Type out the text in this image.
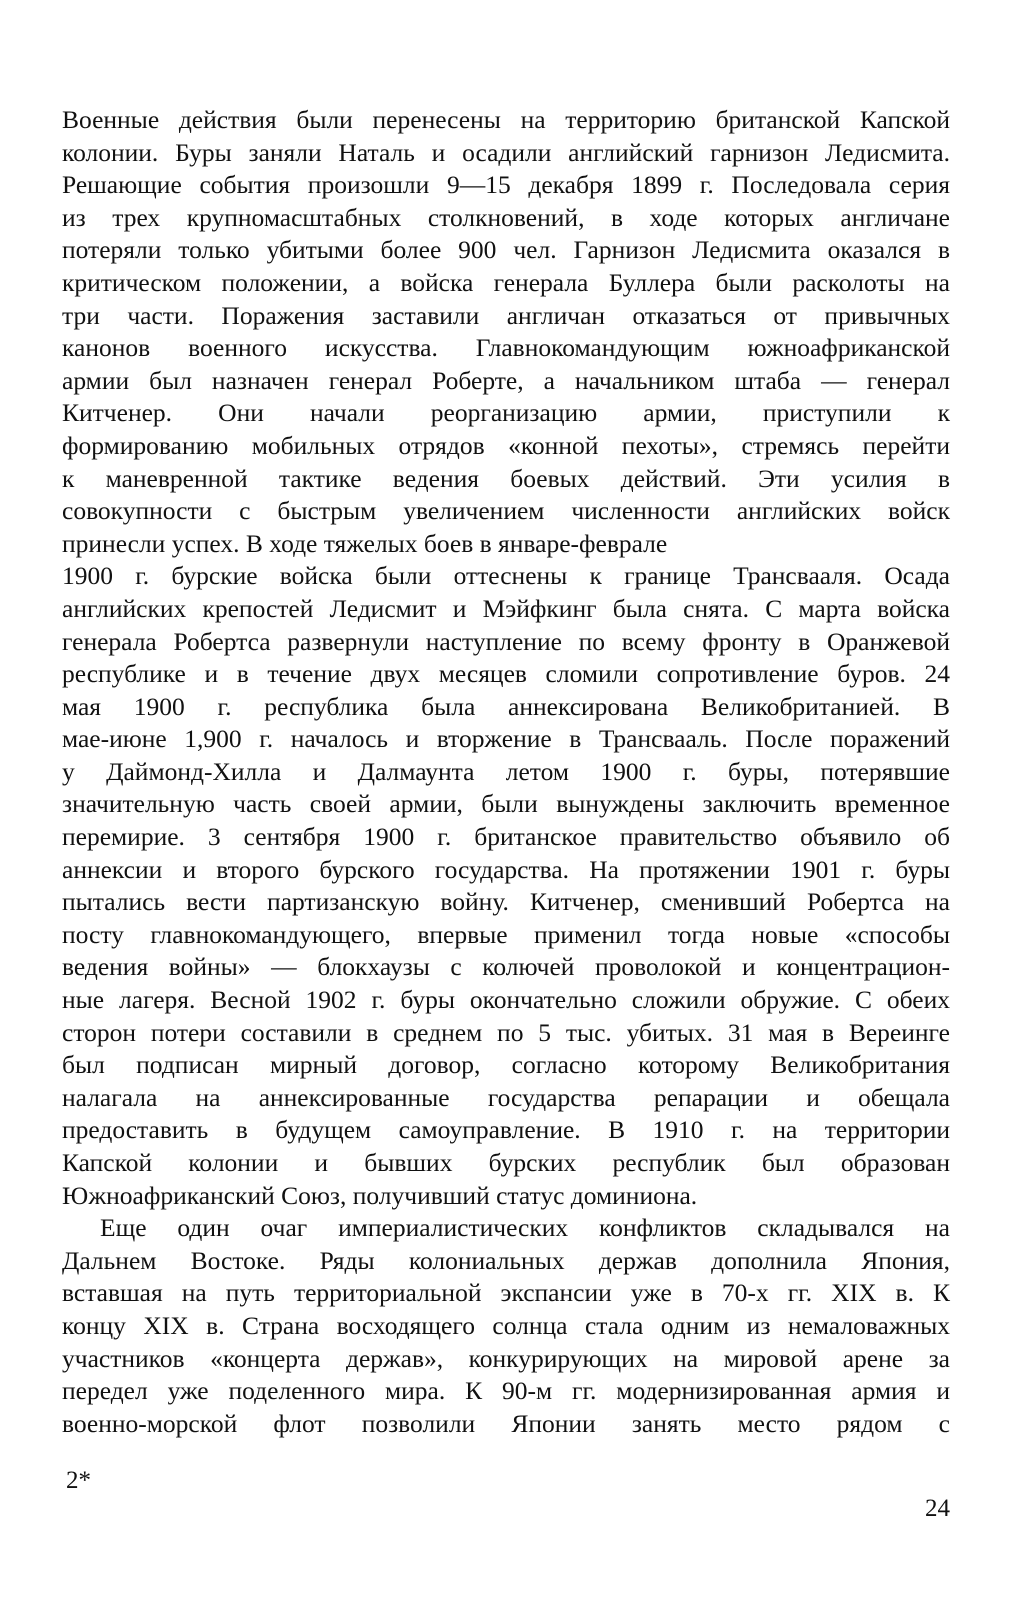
Военные действия были перенесены на территорию британской Капской
колонии. Буры заняли Наталь и осадили английский гарнизон Ледисмита.
Решающие события произошли 9—15 декабря 1899 г. Последовала серия
из трех крупномасштабных столкновений, в ходе которых англичане
потеряли только убитыми более 900 чел. Гарнизон Ледисмита оказался в
критическом положении, а войска генерала Буллера были расколоты на
три части. Поражения заставили англичан отказаться от привычных
канонов военного искусства. Главнокомандующим южноафриканской
армии был назначен генерал Роберте, а начальником штаба — генерал
Китченер. Они начали реорганизацию армии, приступили к
формированию мобильных отрядов «конной пехоты», стремясь перейти
к маневренной тактике ведения боевых действий. Эти усилия в
совокупности с быстрым увеличением численности английских войск
принесли успех. В ходе тяжелых боев в январе-феврале
1900 г. бурские войска были оттеснены к границе Трансвааля. Осада
английских крепостей Ледисмит и Мэйфкинг была снята. С марта войска
генерала Робертса развернули наступление по всему фронту в Оранжевой
республике и в течение двух месяцев сломили сопротивление буров. 24
мая 1900 г. республика была аннексирована Великобританией. В
мае-июне 1,900 г. началось и вторжение в Трансвааль. После поражений
у Даймонд-Хилла и Далмаунта летом 1900 г. буры, потерявшие
значительную часть своей армии, были вынуждены заключить временное
перемирие. 3 сентября 1900 г. британское правительство объявило об
аннексии и второго бурского государства. На протяжении 1901 г. буры
пытались вести партизанскую войну. Китченер, сменивший Робертса на
посту главнокомандующего, впервые применил тогда новые «способы
ведения войны» — блокхаузы с колючей проволокой и концентрацион-
ные лагеря. Весной 1902 г. буры окончательно сложили обружие. С обеих
сторон потери составили в среднем по 5 тыс. убитых. 31 мая в Вереинге
был подписан мирный договор, согласно которому Великобритания
налагала на аннексированные государства репарации и обещала
предоставить в будущем самоуправление. В 1910 г. на территории
Капской колонии и бывших бурских республик был образован
Южноафриканский Союз, получивший статус доминиона.
Еще один очаг империалистических конфликтов складывался на
Дальнем Востоке. Ряды колониальных держав дополнила Япония,
вставшая на путь территориальной экспансии уже в 70-х гг. XIX в. К
концу XIX в. Страна восходящего солнца стала одним из немаловажных
участников «концерта держав», конкурирующих на мировой арене за
передел уже поделенного мира. К 90-м гг. модернизированная армия и
военно-морской флот позволили Японии занять место рядом с
2*
24
